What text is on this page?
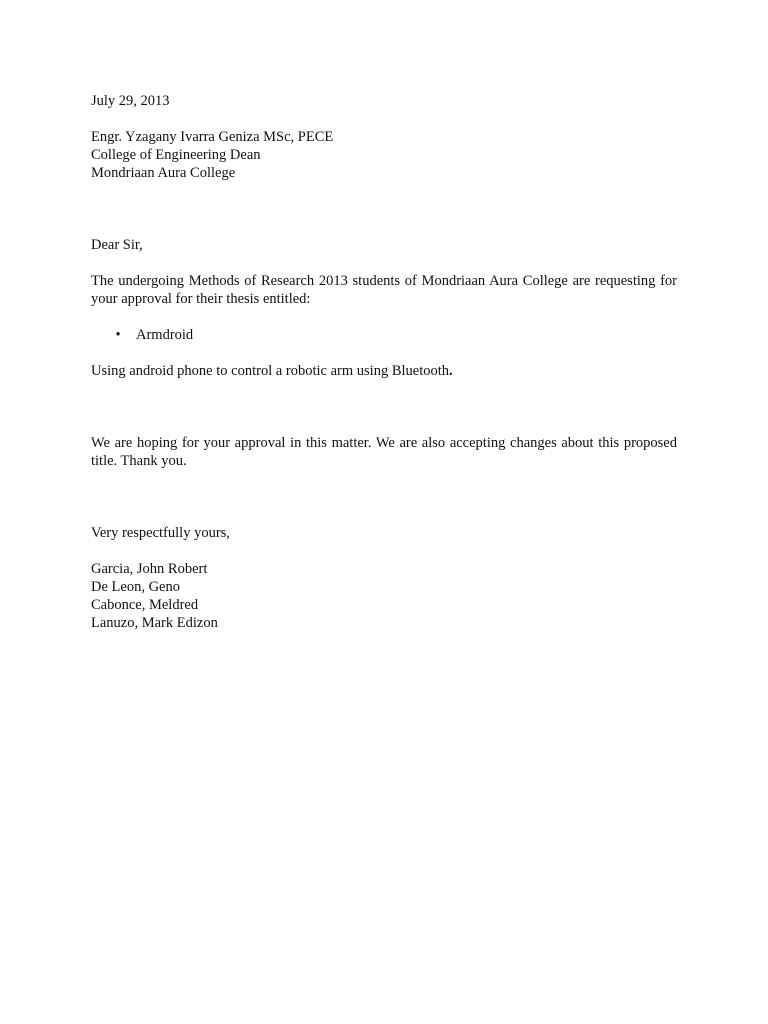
July 29, 2013
Engr. Yzagany Ivarra Geniza MSc, PECE
College of Engineering Dean
Mondriaan Aura College
Dear Sir,
The undergoing Methods of Research 2013 students of Mondriaan Aura College are requesting for your approval for their thesis entitled:
• Armdroid
Using android phone to control a robotic arm using Bluetooth.
We are hoping for your approval in this matter. We are also accepting changes about this proposed title. Thank you.
Very respectfully yours,
Garcia, John Robert
De Leon, Geno
Cabonce, Meldred
Lanuzo, Mark Edizon
